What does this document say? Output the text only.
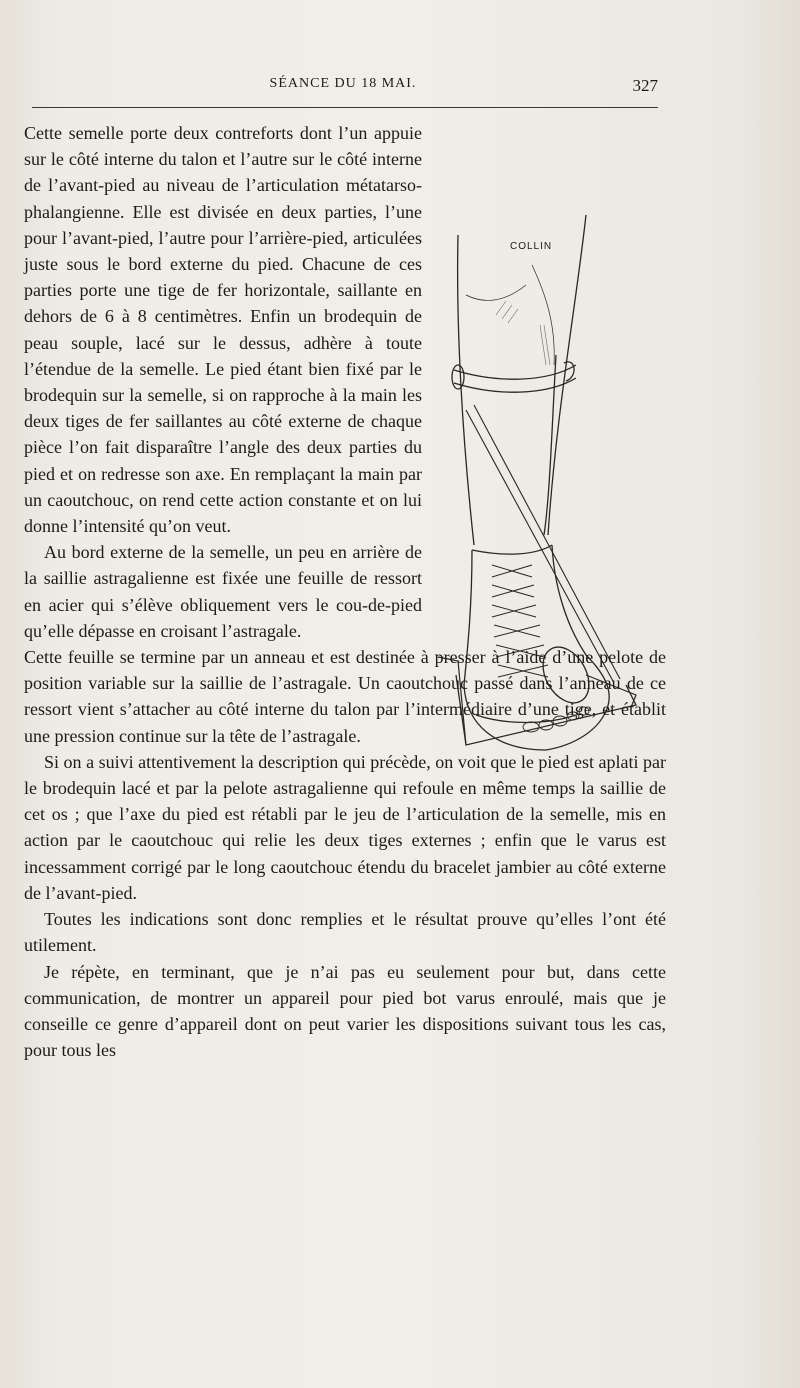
SÉANCE DU 18 MAI.	327
COLLIN

Cette semelle porte deux contreforts dont l’un appuie sur le côté interne du talon et l’autre sur le côté interne de l’avant-pied au niveau de l’articulation métatarso-phalangienne. Elle est divisée en deux parties, l’une pour l’avant-pied, l’autre pour l’arrière-pied, articulées juste sous le bord externe du pied. Chacune de ces parties porte une tige de fer horizontale, saillante en dehors de 6 à 8 centimètres. Enfin un brodequin de peau souple, lacé sur le dessus, adhère à toute l’étendue de la semelle. Le pied étant bien fixé par le brodequin sur la semelle, si on rapproche à la main les deux tiges de fer saillantes au côté externe de chaque pièce l’on fait disparaître l’angle des deux parties du pied et on redresse son axe. En remplaçant la main par un caoutchouc, on rend cette action constante et on lui donne l’intensité qu’on veut.

Au bord externe de la semelle, un peu en arrière de la saillie astragalienne est fixée une feuille de ressort en acier qui s’élève obliquement vers le cou-de-pied qu’elle dépasse en croisant l’astragale.

Cette feuille se termine par un anneau et est destinée à presser à l’aide d’une pelote de position variable sur la saillie de l’astragale. Un caoutchouc passé dans l’anneau de ce ressort vient s’attacher au côté interne du talon par l’intermédiaire d’une tige, et établit une pression continue sur la tête de l’astragale.

Si on a suivi attentivement la description qui précède, on voit que le pied est aplati par le brodequin lacé et par la pelote astragalienne qui refoule en même temps la saillie de cet os ; que l’axe du pied est rétabli par le jeu de l’articulation de la semelle, mis en action par le caoutchouc qui relie les deux tiges externes ; enfin que le varus est incessamment corrigé par le long caoutchouc étendu du bracelet jambier au côté externe de l’avant-pied.

Toutes les indications sont donc remplies et le résultat prouve qu’elles l’ont été utilement.

Je répète, en terminant, que je n’ai pas eu seulement pour but, dans cette communication, de montrer un appareil pour pied bot varus enroulé, mais que je conseille ce genre d’appareil dont on peut varier les dispositions suivant tous les cas, pour tous les
